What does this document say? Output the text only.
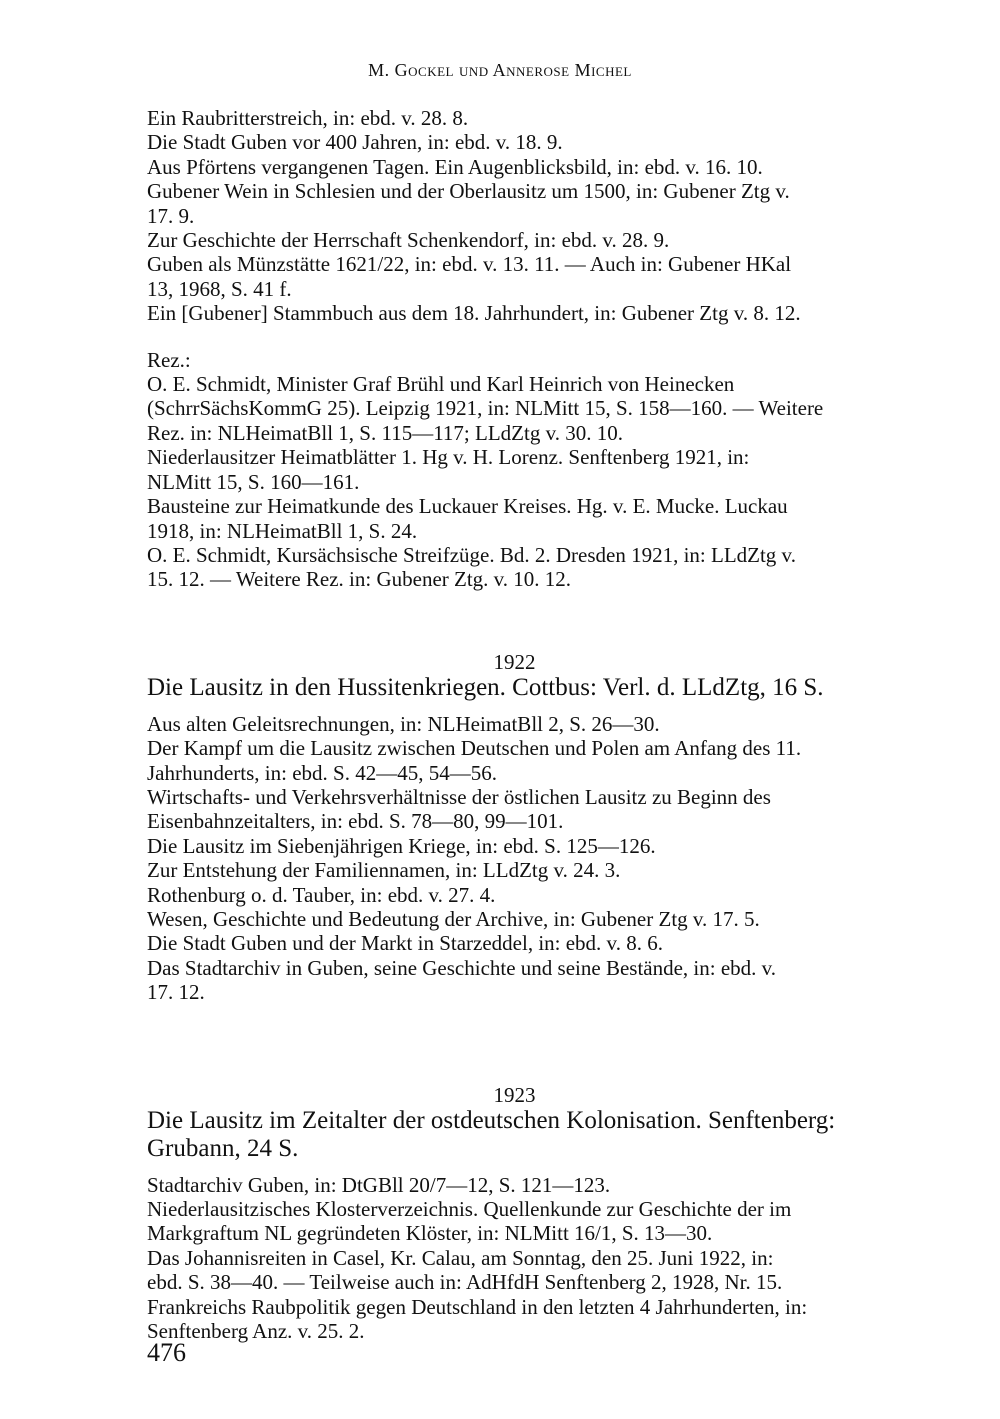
M. Gockel und Annerose Michel
Ein Raubritterstreich, in: ebd. v. 28. 8.
Die Stadt Guben vor 400 Jahren, in: ebd. v. 18. 9.
Aus Pförtens vergangenen Tagen. Ein Augenblicksbild, in: ebd. v. 16. 10.
Gubener Wein in Schlesien und der Oberlausitz um 1500, in: Gubener Ztg v.
17. 9.
Zur Geschichte der Herrschaft Schenkendorf, in: ebd. v. 28. 9.
Guben als Münzstätte 1621/22, in: ebd. v. 13. 11. — Auch in: Gubener HKal
13, 1968, S. 41 f.
Ein [Gubener] Stammbuch aus dem 18. Jahrhundert, in: Gubener Ztg v. 8. 12.
Rez.:
O. E. Schmidt, Minister Graf Brühl und Karl Heinrich von Heinecken
(SchrrSächsKommG 25). Leipzig 1921, in: NLMitt 15, S. 158—160. — Weitere
Rez. in: NLHeimatBll 1, S. 115—117; LLdZtg v. 30. 10.
Niederlausitzer Heimatblätter 1. Hg v. H. Lorenz. Senftenberg 1921, in:
NLMitt 15, S. 160—161.
Bausteine zur Heimatkunde des Luckauer Kreises. Hg. v. E. Mucke. Luckau
1918, in: NLHeimatBll 1, S. 24.
O. E. Schmidt, Kursächsische Streifzüge. Bd. 2. Dresden 1921, in: LLdZtg v.
15. 12. — Weitere Rez. in: Gubener Ztg. v. 10. 12.

1922

Die Lausitz in den Hussitenkriegen. Cottbus: Verl. d. LLdZtg, 16 S.

Aus alten Geleitsrechnungen, in: NLHeimatBll 2, S. 26—30.
Der Kampf um die Lausitz zwischen Deutschen und Polen am Anfang des 11.
Jahrhunderts, in: ebd. S. 42—45, 54—56.
Wirtschafts- und Verkehrsverhältnisse der östlichen Lausitz zu Beginn des
Eisenbahnzeitalters, in: ebd. S. 78—80, 99—101.
Die Lausitz im Siebenjährigen Kriege, in: ebd. S. 125—126.
Zur Entstehung der Familiennamen, in: LLdZtg v. 24. 3.
Rothenburg o. d. Tauber, in: ebd. v. 27. 4.
Wesen, Geschichte und Bedeutung der Archive, in: Gubener Ztg v. 17. 5.
Die Stadt Guben und der Markt in Starzeddel, in: ebd. v. 8. 6.
Das Stadtarchiv in Guben, seine Geschichte und seine Bestände, in: ebd. v.
17. 12.

1923

Die Lausitz im Zeitalter der ostdeutschen Kolonisation. Senftenberg:

Grubann, 24 S.

Stadtarchiv Guben, in: DtGBll 20/7—12, S. 121—123.
Niederlausitzisches Klosterverzeichnis. Quellenkunde zur Geschichte der im
Markgraftum NL gegründeten Klöster, in: NLMitt 16/1, S. 13—30.
Das Johannisreiten in Casel, Kr. Calau, am Sonntag, den 25. Juni 1922, in:
ebd. S. 38—40. — Teilweise auch in: AdHfdH Senftenberg 2, 1928, Nr. 15.
Frankreichs Raubpolitik gegen Deutschland in den letzten 4 Jahrhunderten, in:
Senftenberg Anz. v. 25. 2.
476
